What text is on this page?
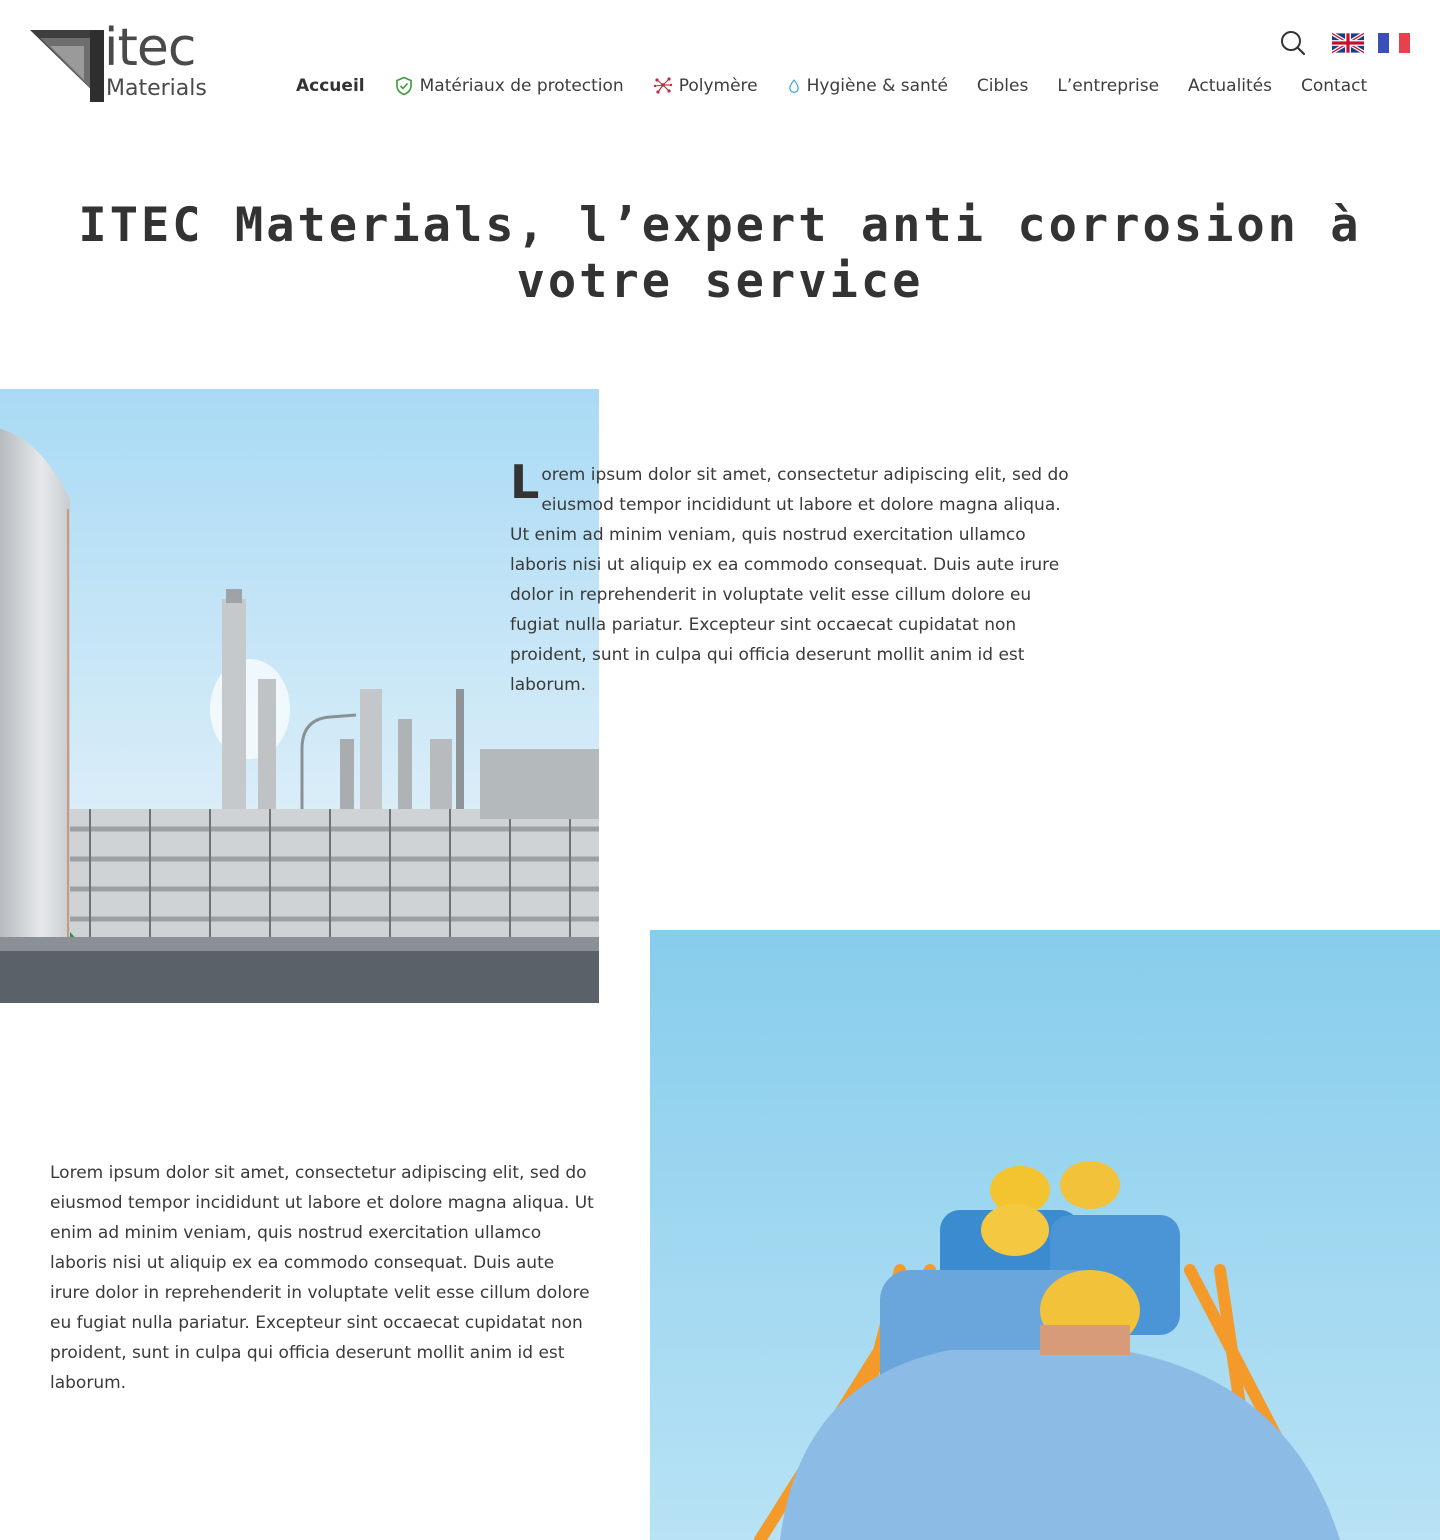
itec
Materials	Accueil	Matériaux de protection	Polymère	Hygiène & santé Cibles L’entreprise Actualités Contact
ITEC Materials, l’expert anti corrosion à
votre service
Lorem ipsum dolor sit amet, consectetur adipiscing elit, sed do eiusmod tempor incididunt ut labore et dolore magna aliqua. Ut enim ad minim veniam, quis nostrud exercitation ullamco laboris nisi ut aliquip ex ea commodo consequat. Duis aute irure dolor in reprehenderit in voluptate velit esse cillum dolore eu fugiat nulla pariatur. Excepteur sint occaecat cupidatat non proident, sunt in culpa qui officia deserunt mollit anim id est laborum.
Lorem ipsum dolor sit amet, consectetur adipiscing elit, sed do eiusmod tempor incididunt ut labore et dolore magna aliqua. Ut enim ad minim veniam, quis nostrud exercitation ullamco laboris nisi ut aliquip ex ea commodo consequat. Duis aute irure dolor in reprehenderit in voluptate velit esse cillum dolore eu fugiat nulla pariatur. Excepteur sint occaecat cupidatat non proident, sunt in culpa qui officia deserunt mollit anim id est laborum.
